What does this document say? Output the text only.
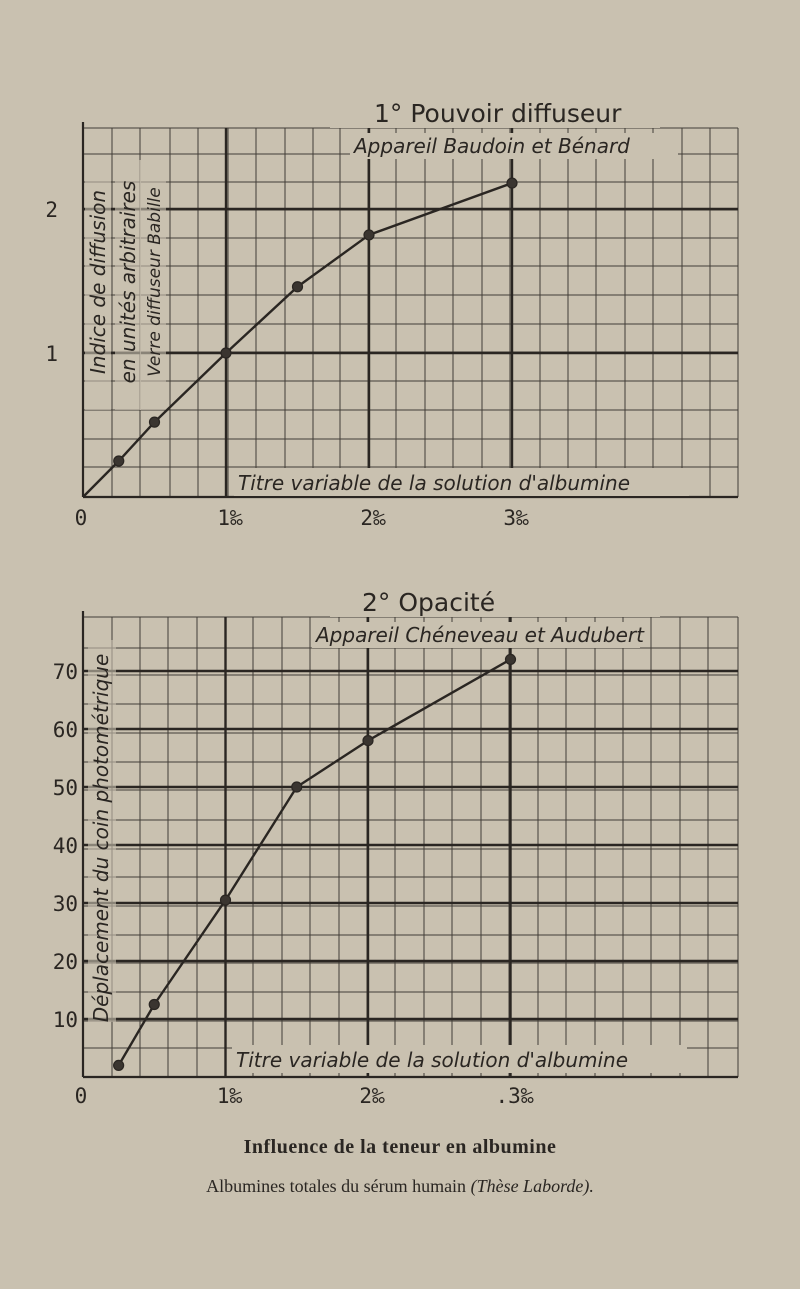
1° Pouvoir diffuseur
Appareil Baudoin et Bénard
Titre variable de la solution d'albumine
0	1‰	2‰	3‰
1
2 Indice de diffusion en unités arbitraires Verre diffuseur Babille
2° Opacité
Appareil Chéneveau et Audubert
Titre variable de la solution d'albumine
0	1‰	2‰	.3‰
10
20
30
40
50
60
70 Déplacement du coin photométrique
Influence de la teneur en albumine
Albumines totales du sérum humain (Thèse Laborde).
